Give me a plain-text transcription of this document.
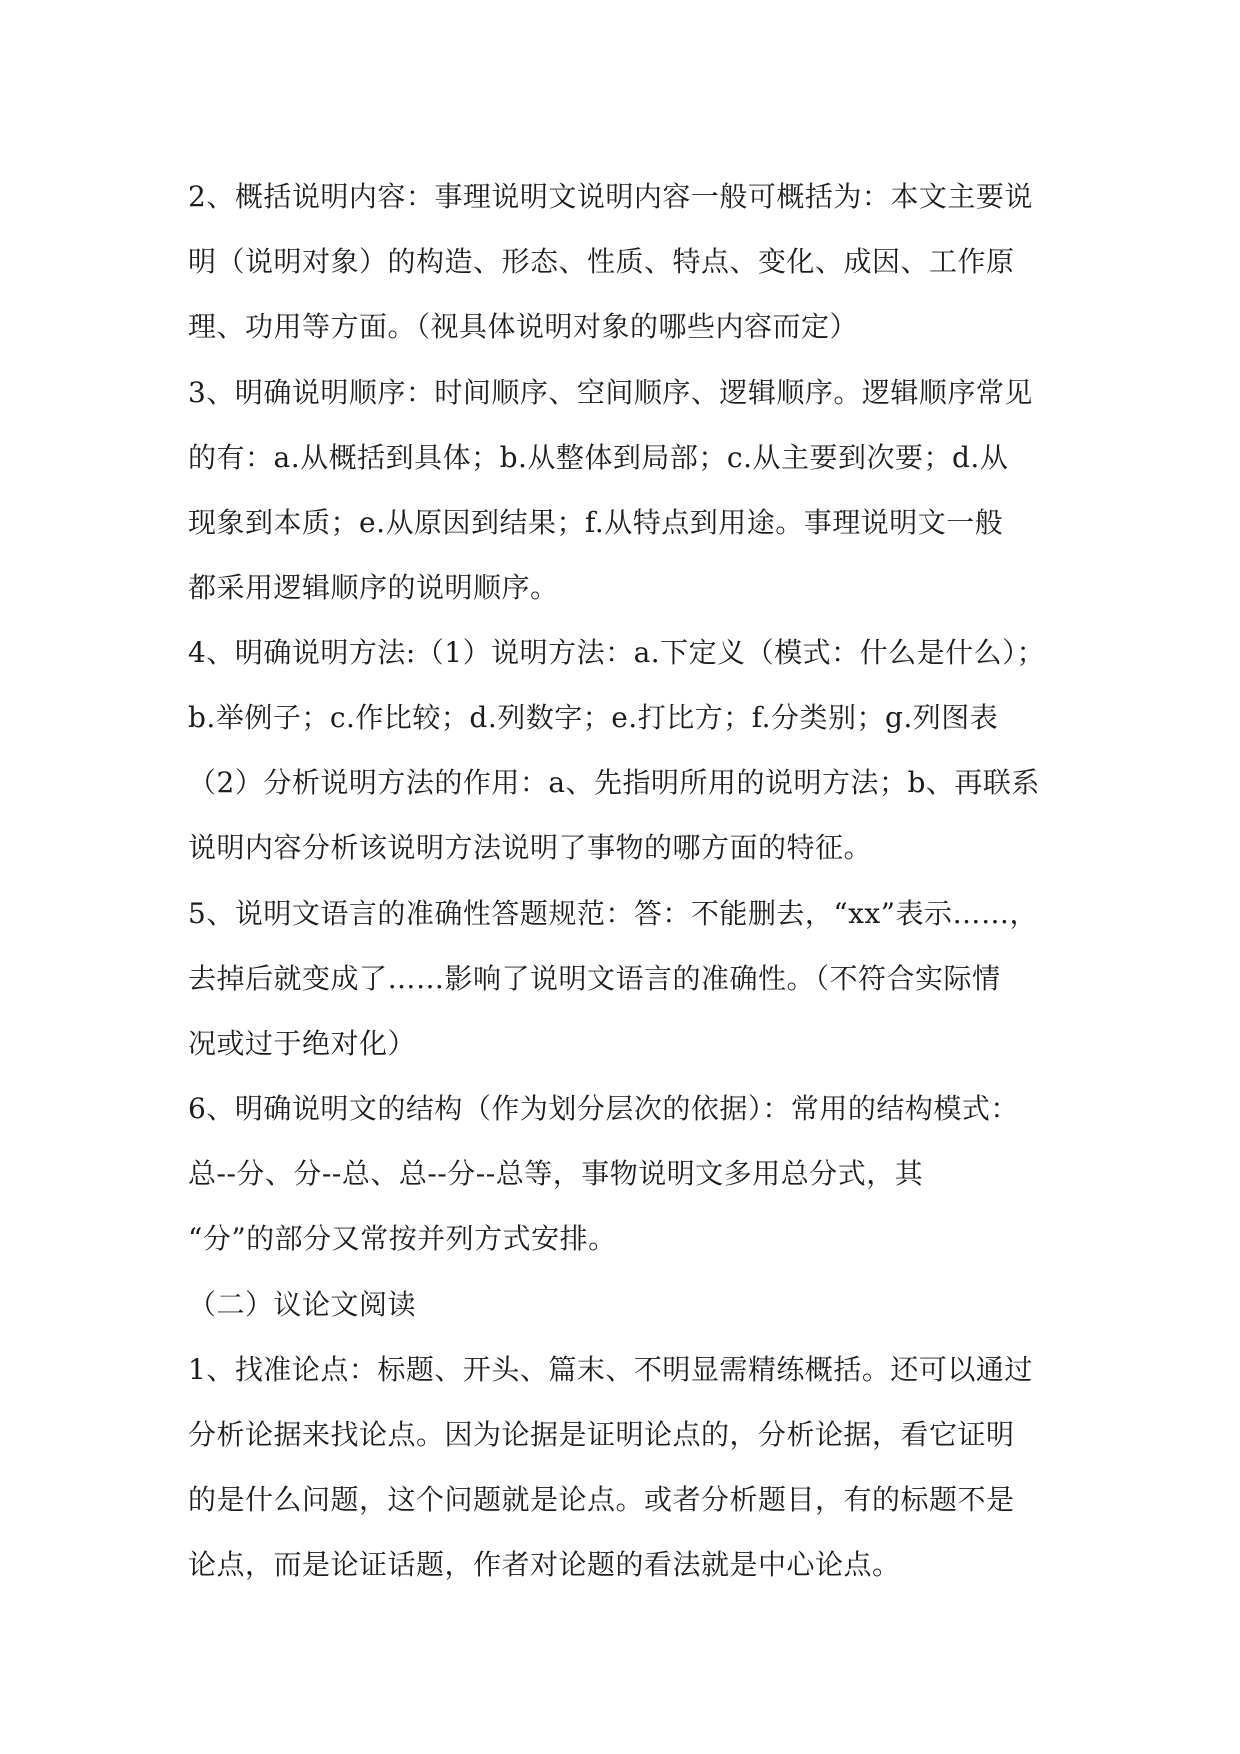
2、概括说明内容：事理说明文说明内容一般可概括为：本文主要说
明（说明对象）的构造、形态、性质、特点、变化、成因、工作原
理、功用等方面。（视具体说明对象的哪些内容而定）
3、明确说明顺序：时间顺序、空间顺序、逻辑顺序。逻辑顺序常见
的有：a.从概括到具体；b.从整体到局部；c.从主要到次要；d.从
现象到本质；e.从原因到结果；f.从特点到用途。事理说明文一般
都采用逻辑顺序的说明顺序。
4、明确说明方法:（1）说明方法：a.下定义（模式：什么是什么）；
b.举例子；c.作比较；d.列数字；e.打比方；f.分类别；g.列图表
（2）分析说明方法的作用：a、先指明所用的说明方法；b、再联系
说明内容分析该说明方法说明了事物的哪方面的特征。
5、说明文语言的准确性答题规范：答：不能删去，“xx”表示……，
去掉后就变成了……影响了说明文语言的准确性。（不符合实际情
况或过于绝对化）
6、明确说明文的结构（作为划分层次的依据）：常用的结构模式：
总--分、分--总、总--分--总等，事物说明文多用总分式，其
“分”的部分又常按并列方式安排。
（二）议论文阅读
1、找准论点：标题、开头、篇末、不明显需精练概括。还可以通过
分析论据来找论点。因为论据是证明论点的，分析论据，看它证明
的是什么问题，这个问题就是论点。或者分析题目，有的标题不是
论点，而是论证话题，作者对论题的看法就是中心论点。
